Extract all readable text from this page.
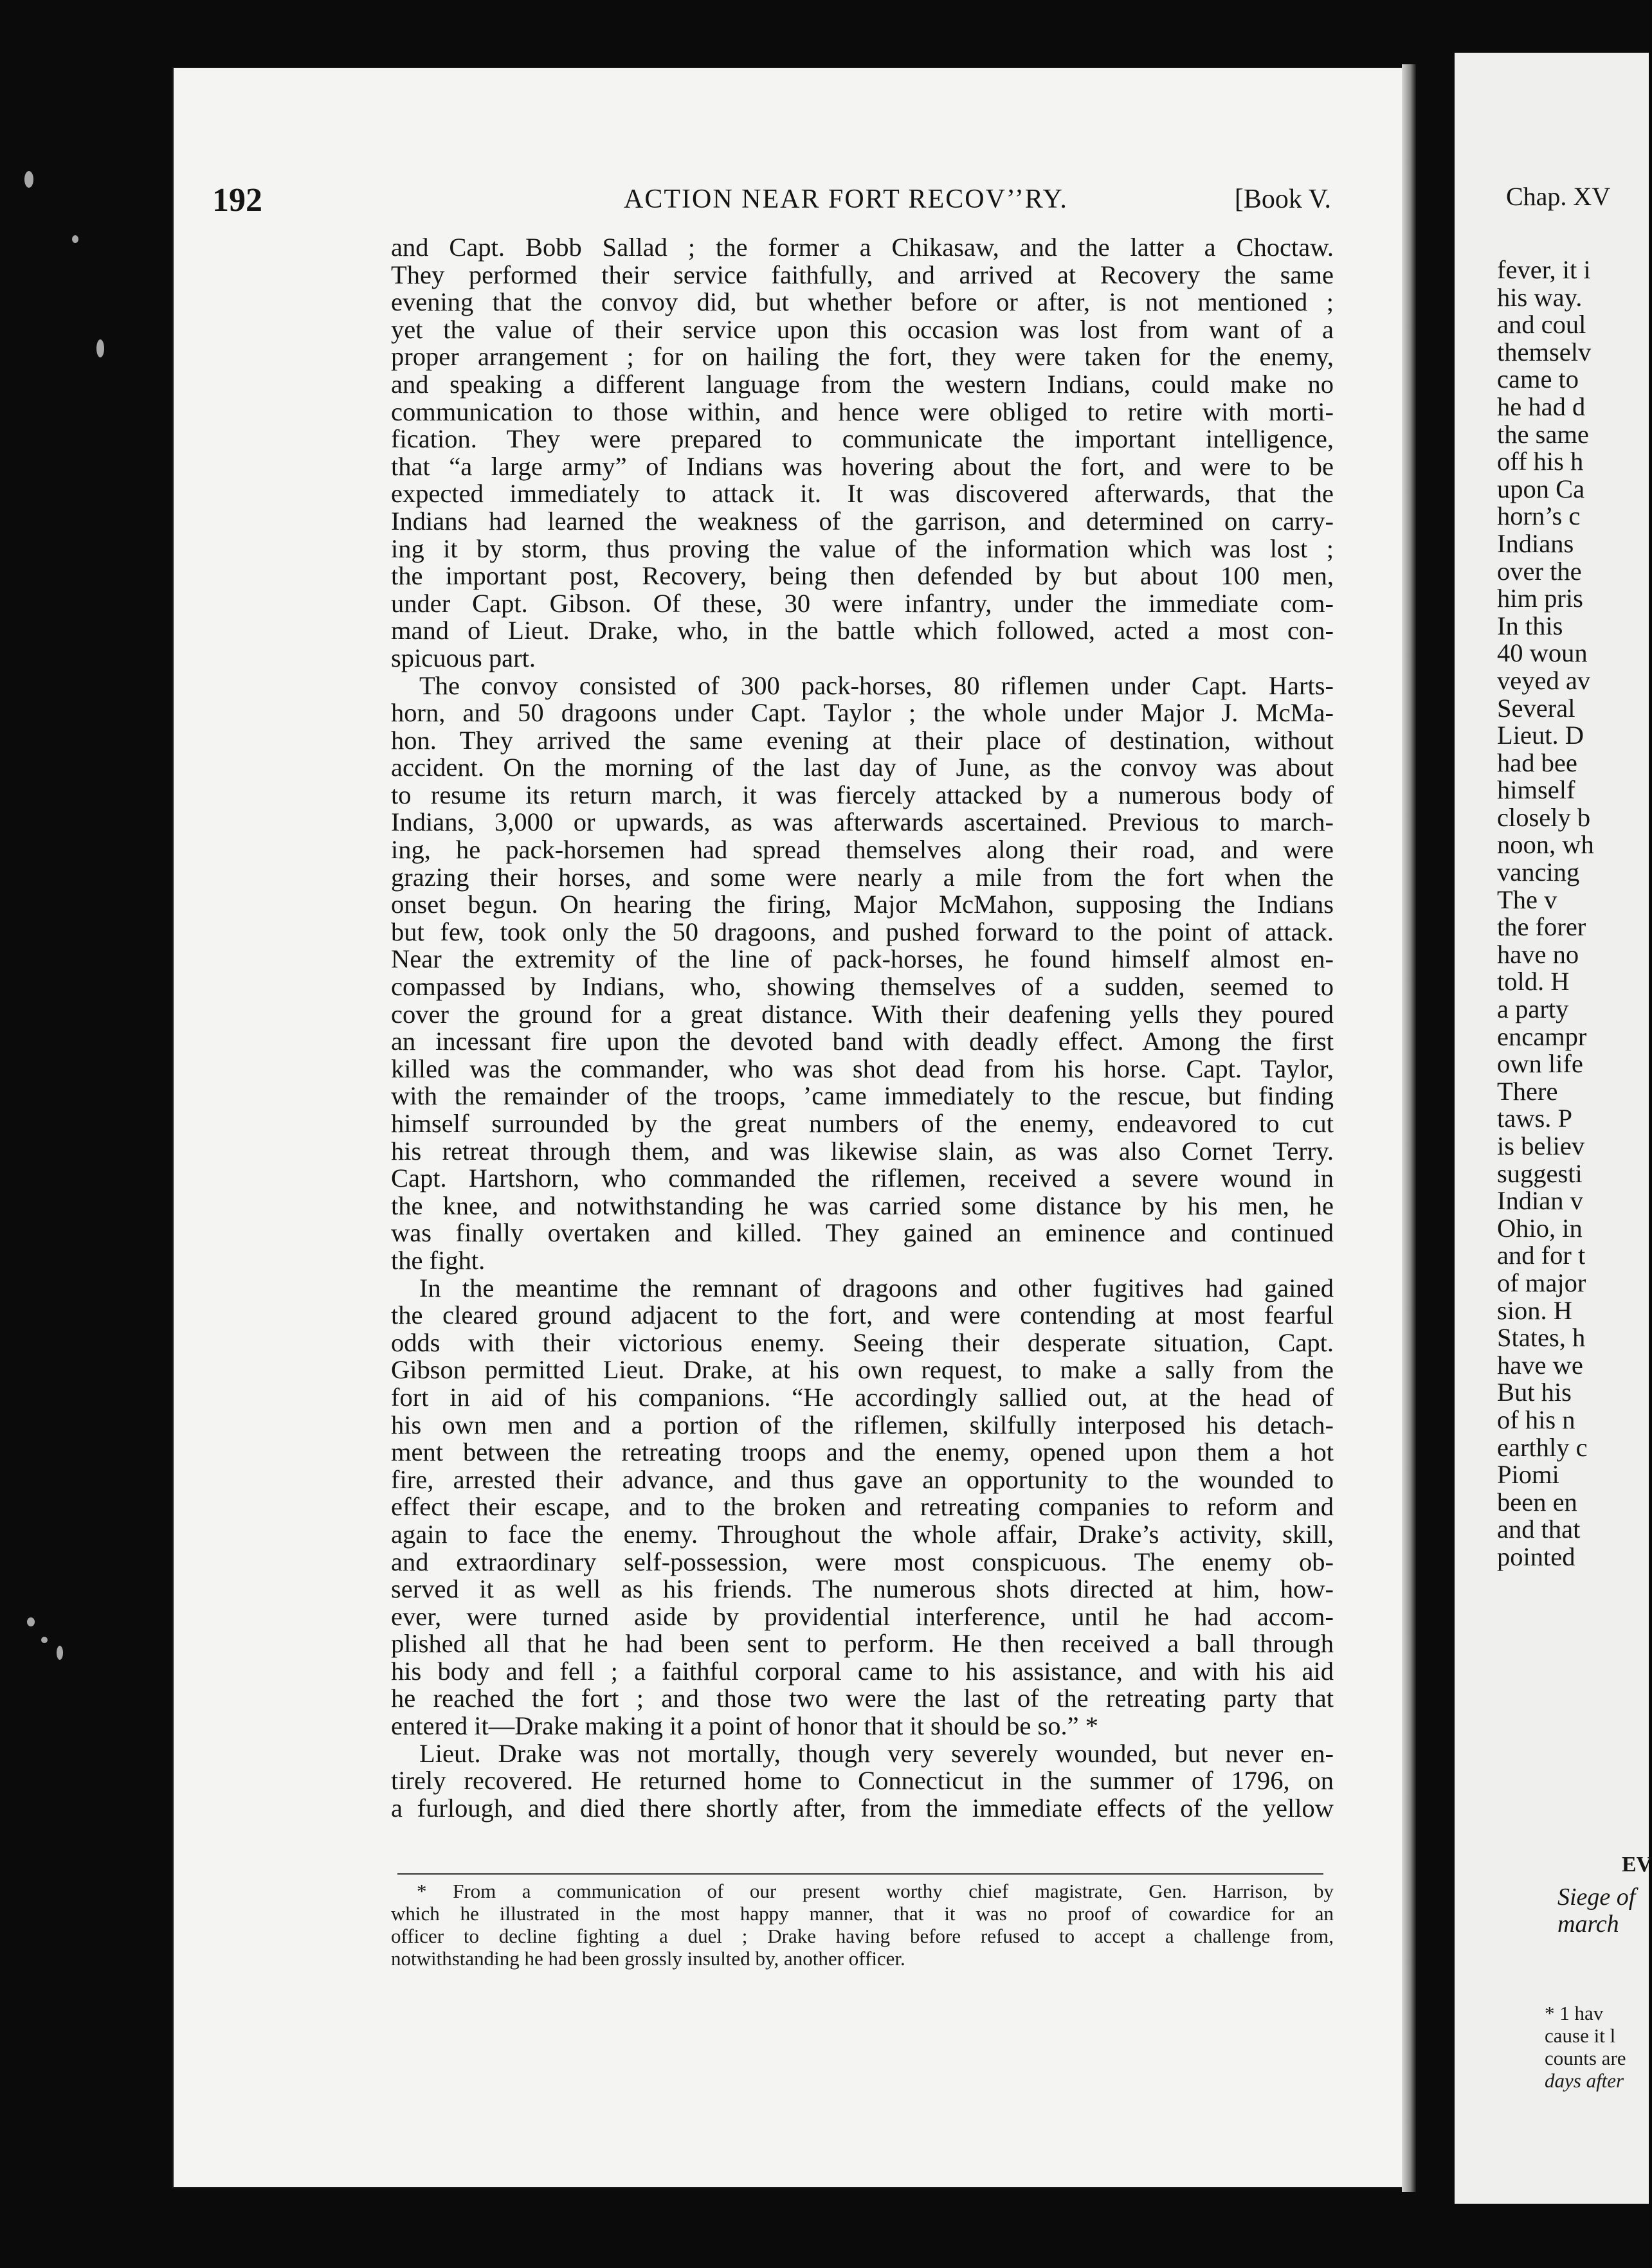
192	ACTION NEAR FORT RECOV’’RY.	[Book V.
and Capt. Bobb Sallad ; the former a Chikasaw, and the latter a Choctaw.
They performed their service faithfully, and arrived at Recovery the same
evening that the convoy did, but whether before or after, is not mentioned ;
yet the value of their service upon this occasion was lost from want of a
proper arrangement ; for on hailing the fort, they were taken for the enemy,
and speaking a different language from the western Indians, could make no
communication to those within, and hence were obliged to retire with morti-
fication. They were prepared to communicate the important intelligence,
that “a large army” of Indians was hovering about the fort, and were to be
expected immediately to attack it. It was discovered afterwards, that the
Indians had learned the weakness of the garrison, and determined on carry-
ing it by storm, thus proving the value of the information which was lost ;
the important post, Recovery, being then defended by but about 100 men,
under Capt. Gibson. Of these, 30 were infantry, under the immediate com-
mand of Lieut. Drake, who, in the battle which followed, acted a most con-
spicuous part.
The convoy consisted of 300 pack-horses, 80 riflemen under Capt. Harts-
horn, and 50 dragoons under Capt. Taylor ; the whole under Major J. McMa-
hon. They arrived the same evening at their place of destination, without
accident. On the morning of the last day of June, as the convoy was about
to resume its return march, it was fiercely attacked by a numerous body of
Indians, 3,000 or upwards, as was afterwards ascertained. Previous to march-
ing, he pack-horsemen had spread themselves along their road, and were
grazing their horses, and some were nearly a mile from the fort when the
onset begun. On hearing the firing, Major McMahon, supposing the Indians
but few, took only the 50 dragoons, and pushed forward to the point of attack.
Near the extremity of the line of pack-horses, he found himself almost en-
compassed by Indians, who, showing themselves of a sudden, seemed to
cover the ground for a great distance. With their deafening yells they poured
an incessant fire upon the devoted band with deadly effect. Among the first
killed was the commander, who was shot dead from his horse. Capt. Taylor,
with the remainder of the troops, ’came immediately to the rescue, but finding
himself surrounded by the great numbers of the enemy, endeavored to cut
his retreat through them, and was likewise slain, as was also Cornet Terry.
Capt. Hartshorn, who commanded the riflemen, received a severe wound in
the knee, and notwithstanding he was carried some distance by his men, he
was finally overtaken and killed. They gained an eminence and continued
the fight.
In the meantime the remnant of dragoons and other fugitives had gained
the cleared ground adjacent to the fort, and were contending at most fearful
odds with their victorious enemy. Seeing their desperate situation, Capt.
Gibson permitted Lieut. Drake, at his own request, to make a sally from the
fort in aid of his companions. “He accordingly sallied out, at the head of
his own men and a portion of the riflemen, skilfully interposed his detach-
ment between the retreating troops and the enemy, opened upon them a hot
fire, arrested their advance, and thus gave an opportunity to the wounded to
effect their escape, and to the broken and retreating companies to reform and
again to face the enemy. Throughout the whole affair, Drake’s activity, skill,
and extraordinary self-possession, were most conspicuous. The enemy ob-
served it as well as his friends. The numerous shots directed at him, how-
ever, were turned aside by providential interference, until he had accom-
plished all that he had been sent to perform. He then received a ball through
his body and fell ; a faithful corporal came to his assistance, and with his aid
he reached the fort ; and those two were the last of the retreating party that
entered it—Drake making it a point of honor that it should be so.” *
Lieut. Drake was not mortally, though very severely wounded, but never en-
tirely recovered. He returned home to Connecticut in the summer of 1796, on
a furlough, and died there shortly after, from the immediate effects of the yellow
* From a communication of our present worthy chief magistrate, Gen. Harrison, by
which he illustrated in the most happy manner, that it was no proof of cowardice for an
officer to decline fighting a duel ; Drake having before refused to accept a challenge from,
notwithstanding he had been grossly insulted by, another officer.
Chap. XV
fever, it i
his way.
and coul
themselv
came to
he had d
the same
off his h
upon Ca
horn’s c
Indians
over the
him pris
In this
40 woun
veyed av
Several
Lieut. D
had bee
himself
closely b
noon, wh
vancing
The v
the forer
have no
told. H
a party
encampr
own life
There
taws. P
is believ
suggesti
Indian v
Ohio, in
and for t
of major
sion. H
States, h
have we
But his
of his n
earthly c
Piomi
been en
and that
pointed
EV
Siege of
march
* 1 hav
cause it l
counts are
days after
